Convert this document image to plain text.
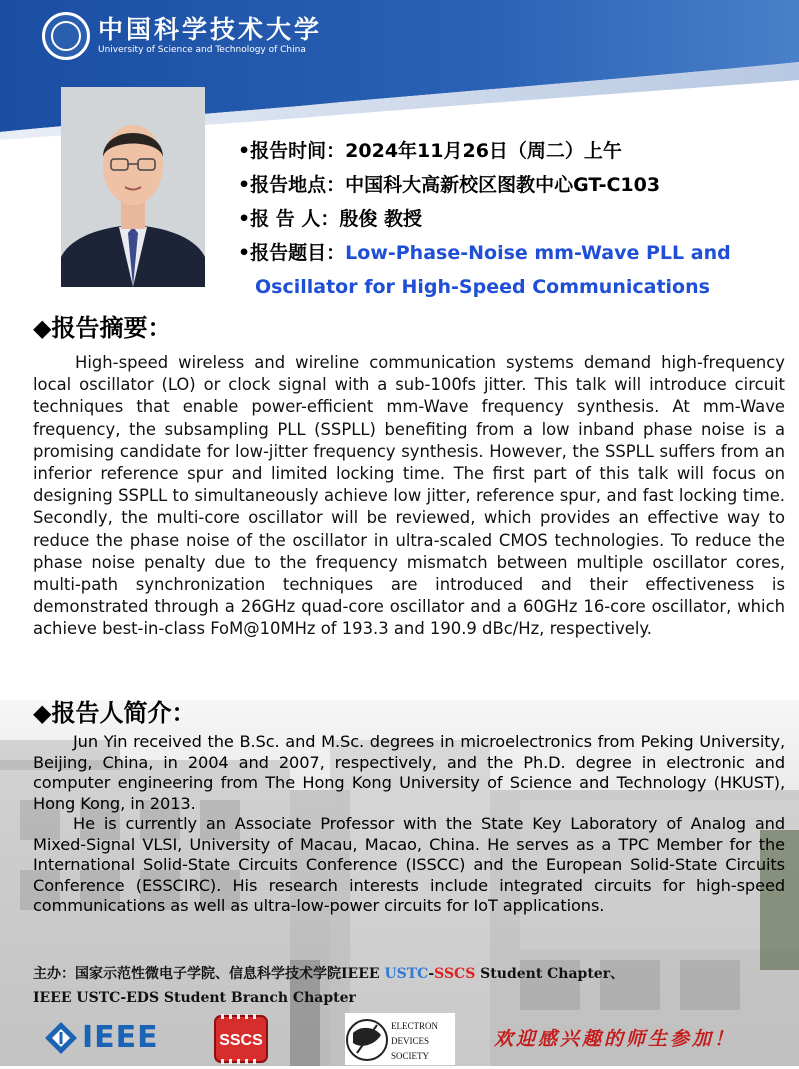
中国科学技术大学
University of Science and Technology of China
•报告时间：2024年11月26日（周二）上午
•报告地点：中国科大高新校区图教中心GT-C103
•报 告 人：殷俊 教授
•报告题目：Low-Phase-Noise mm-Wave PLL and
Oscillator for High-Speed Communications
◆报告摘要：

High-speed wireless and wireline communication systems demand high-frequency local oscillator (LO) or clock signal with a sub-100fs jitter. This talk will introduce circuit techniques that enable power-efficient mm-Wave frequency synthesis. At mm-Wave frequency, the subsampling PLL (SSPLL) benefiting from a low inband phase noise is a promising candidate for low-jitter frequency synthesis. However, the SSPLL suffers from an inferior reference spur and limited locking time. The first part of this talk will focus on designing SSPLL to simultaneously achieve low jitter, reference spur, and fast locking time. Secondly, the multi-core oscillator will be reviewed, which provides an effective way to reduce the phase noise of the oscillator in ultra-scaled CMOS technologies. To reduce the phase noise penalty due to the frequency mismatch between multiple oscillator cores, multi-path synchronization techniques are introduced and their effectiveness is demonstrated through a 26GHz quad-core oscillator and a 60GHz 16-core oscillator, which achieve best-in-class FoM@10MHz of 193.3 and 190.9 dBc/Hz, respectively.

◆报告人简介：

Jun Yin received the B.Sc. and M.Sc. degrees in microelectronics from Peking University, Beijing, China, in 2004 and 2007, respectively, and the Ph.D. degree in electronic and computer engineering from The Hong Kong University of Science and Technology (HKUST), Hong Kong, in 2013.

He is currently an Associate Professor with the State Key Laboratory of Analog and Mixed-Signal VLSI, University of Macau, Macao, China. He serves as a TPC Member for the International Solid-State Circuits Conference (ISSCC) and the European Solid-State Circuits Conference (ESSCIRC). His research interests include integrated circuits for high-speed communications as well as ultra-low-power circuits for IoT applications.

主办：国家示范性微电子学院、信息科学技术学院IEEE USTC-SSCS Student Chapter、
IEEE USTC-EDS Student Branch Chapter
IEEE	SSCS
ELECTRON
DEVICES
SOCIETY
欢迎感兴趣的师生参加！
